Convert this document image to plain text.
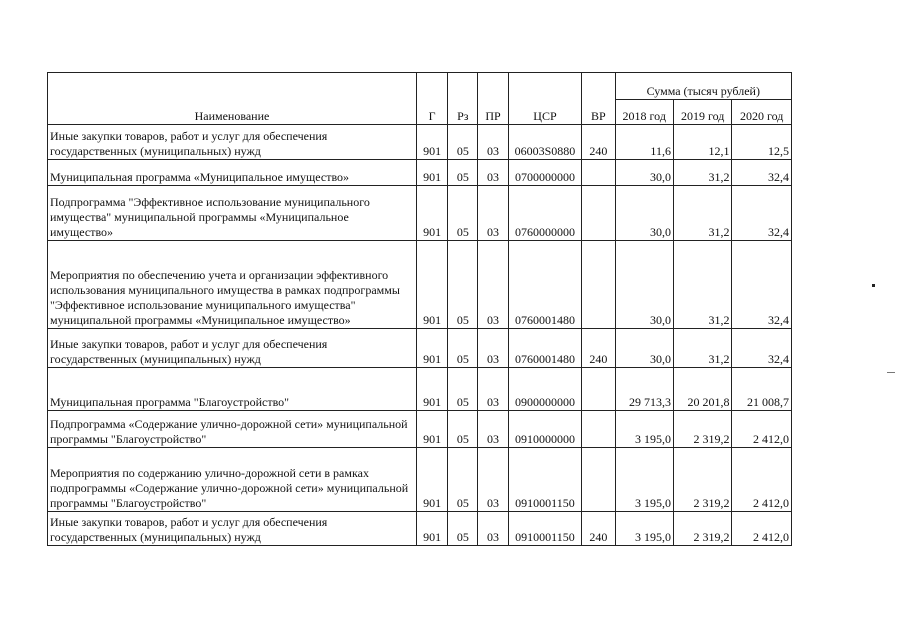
Наименование	Г	Рз	ПР	ЦСР	ВР	Сумма (тысяч рублей)		
						2018 год	2019 год	2020 год
Иные закупки товаров, работ и услуг для обеспечения государственных (муниципальных) нужд	901	05	03	06003S0880	240	11,6	12,1	12,5
Муниципальная программа «Муниципальное имущество»	901	05	03	0700000000		30,0	31,2	32,4
Подпрограмма "Эффективное использование муниципального имущества" муниципальной программы «Муниципальное имущество»	901	05	03	0760000000		30,0	31,2	32,4
Мероприятия по обеспечению учета и организации эффективного использования муниципального имущества в рамках подпрограммы "Эффективное использование муниципального имущества" муниципальной программы «Муниципальное имущество»	901	05	03	0760001480		30,0	31,2	32,4
Иные закупки товаров, работ и услуг для обеспечения государственных (муниципальных) нужд	901	05	03	0760001480	240	30,0	31,2	32,4
Муниципальная программа "Благоустройство"	901	05	03	0900000000		29 713,3	20 201,8	21 008,7
Подпрограмма «Содержание улично-дорожной сети» муниципальной программы "Благоустройство"	901	05	03	0910000000		3 195,0	2 319,2	2 412,0
Мероприятия по содержанию улично-дорожной сети в рамках подпрограммы «Содержание улично-дорожной сети» муниципальной программы "Благоустройство"	901	05	03	0910001150		3 195,0	2 319,2	2 412,0
Иные закупки товаров, работ и услуг для обеспечения государственных (муниципальных) нужд	901	05	03	0910001150	240	3 195,0	2 319,2	2 412,0
